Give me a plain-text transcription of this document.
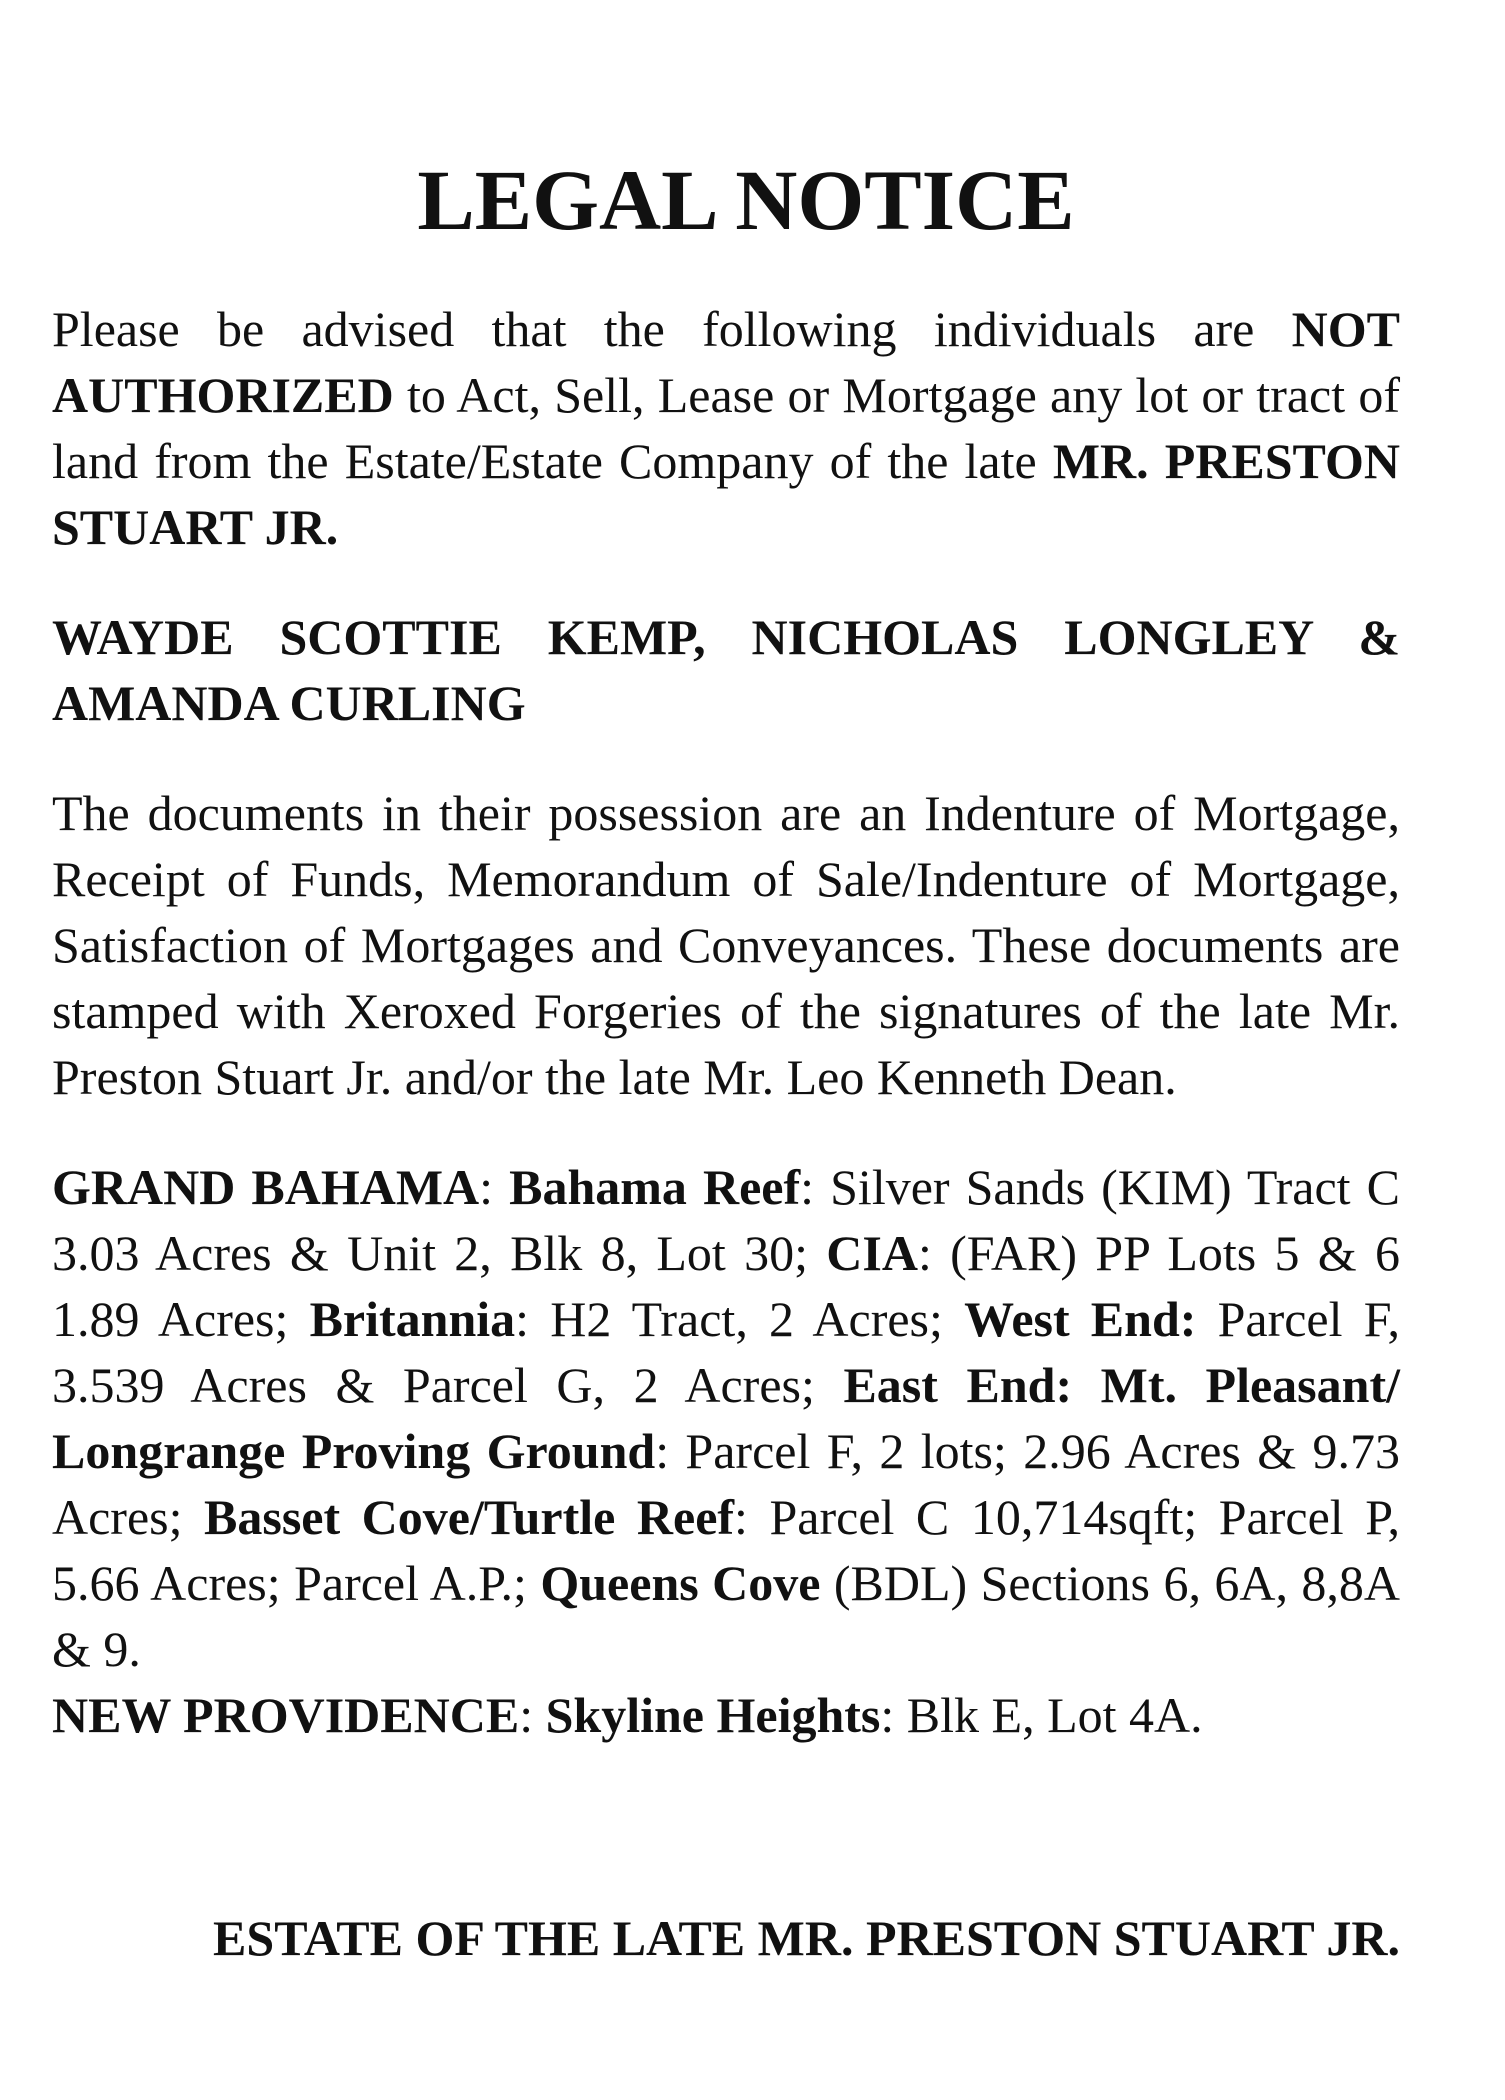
LEGAL NOTICE

Please be advised that the following individuals are NOT AUTHORIZED to Act, Sell, Lease or Mortgage any lot or tract of land from the Estate/Estate Company of the late MR. PRESTON STUART JR.

WAYDE SCOTTIE KEMP, NICHOLAS LONGLEY & AMANDA CURLING

The documents in their possession are an Indenture of Mortgage, Receipt of Funds, Memorandum of Sale/Indenture of Mortgage, Satisfaction of Mortgages and Conveyances. These documents are stamped with Xeroxed Forgeries of the signatures of the late Mr. Preston Stuart Jr. and/or the late Mr. Leo Kenneth Dean.

GRAND BAHAMA: Bahama Reef: Silver Sands (KIM) Tract C 3.03 Acres & Unit 2, Blk 8, Lot 30; CIA: (FAR) PP Lots 5 & 6 1.89 Acres; Britannia: H2 Tract, 2 Acres; West End: Parcel F, 3.539 Acres & Parcel G, 2 Acres; East End: Mt. Pleasant/ Longrange Proving Ground: Parcel F, 2 lots; 2.96 Acres & 9.73 Acres; Basset Cove/Turtle Reef: Parcel C 10,714sqft; Parcel P, 5.66 Acres; Parcel A.P.; Queens Cove (BDL) Sections 6, 6A, 8,8A & 9.

NEW PROVIDENCE: Skyline Heights: Blk E, Lot 4A.

ESTATE OF THE LATE MR. PRESTON STUART JR.
